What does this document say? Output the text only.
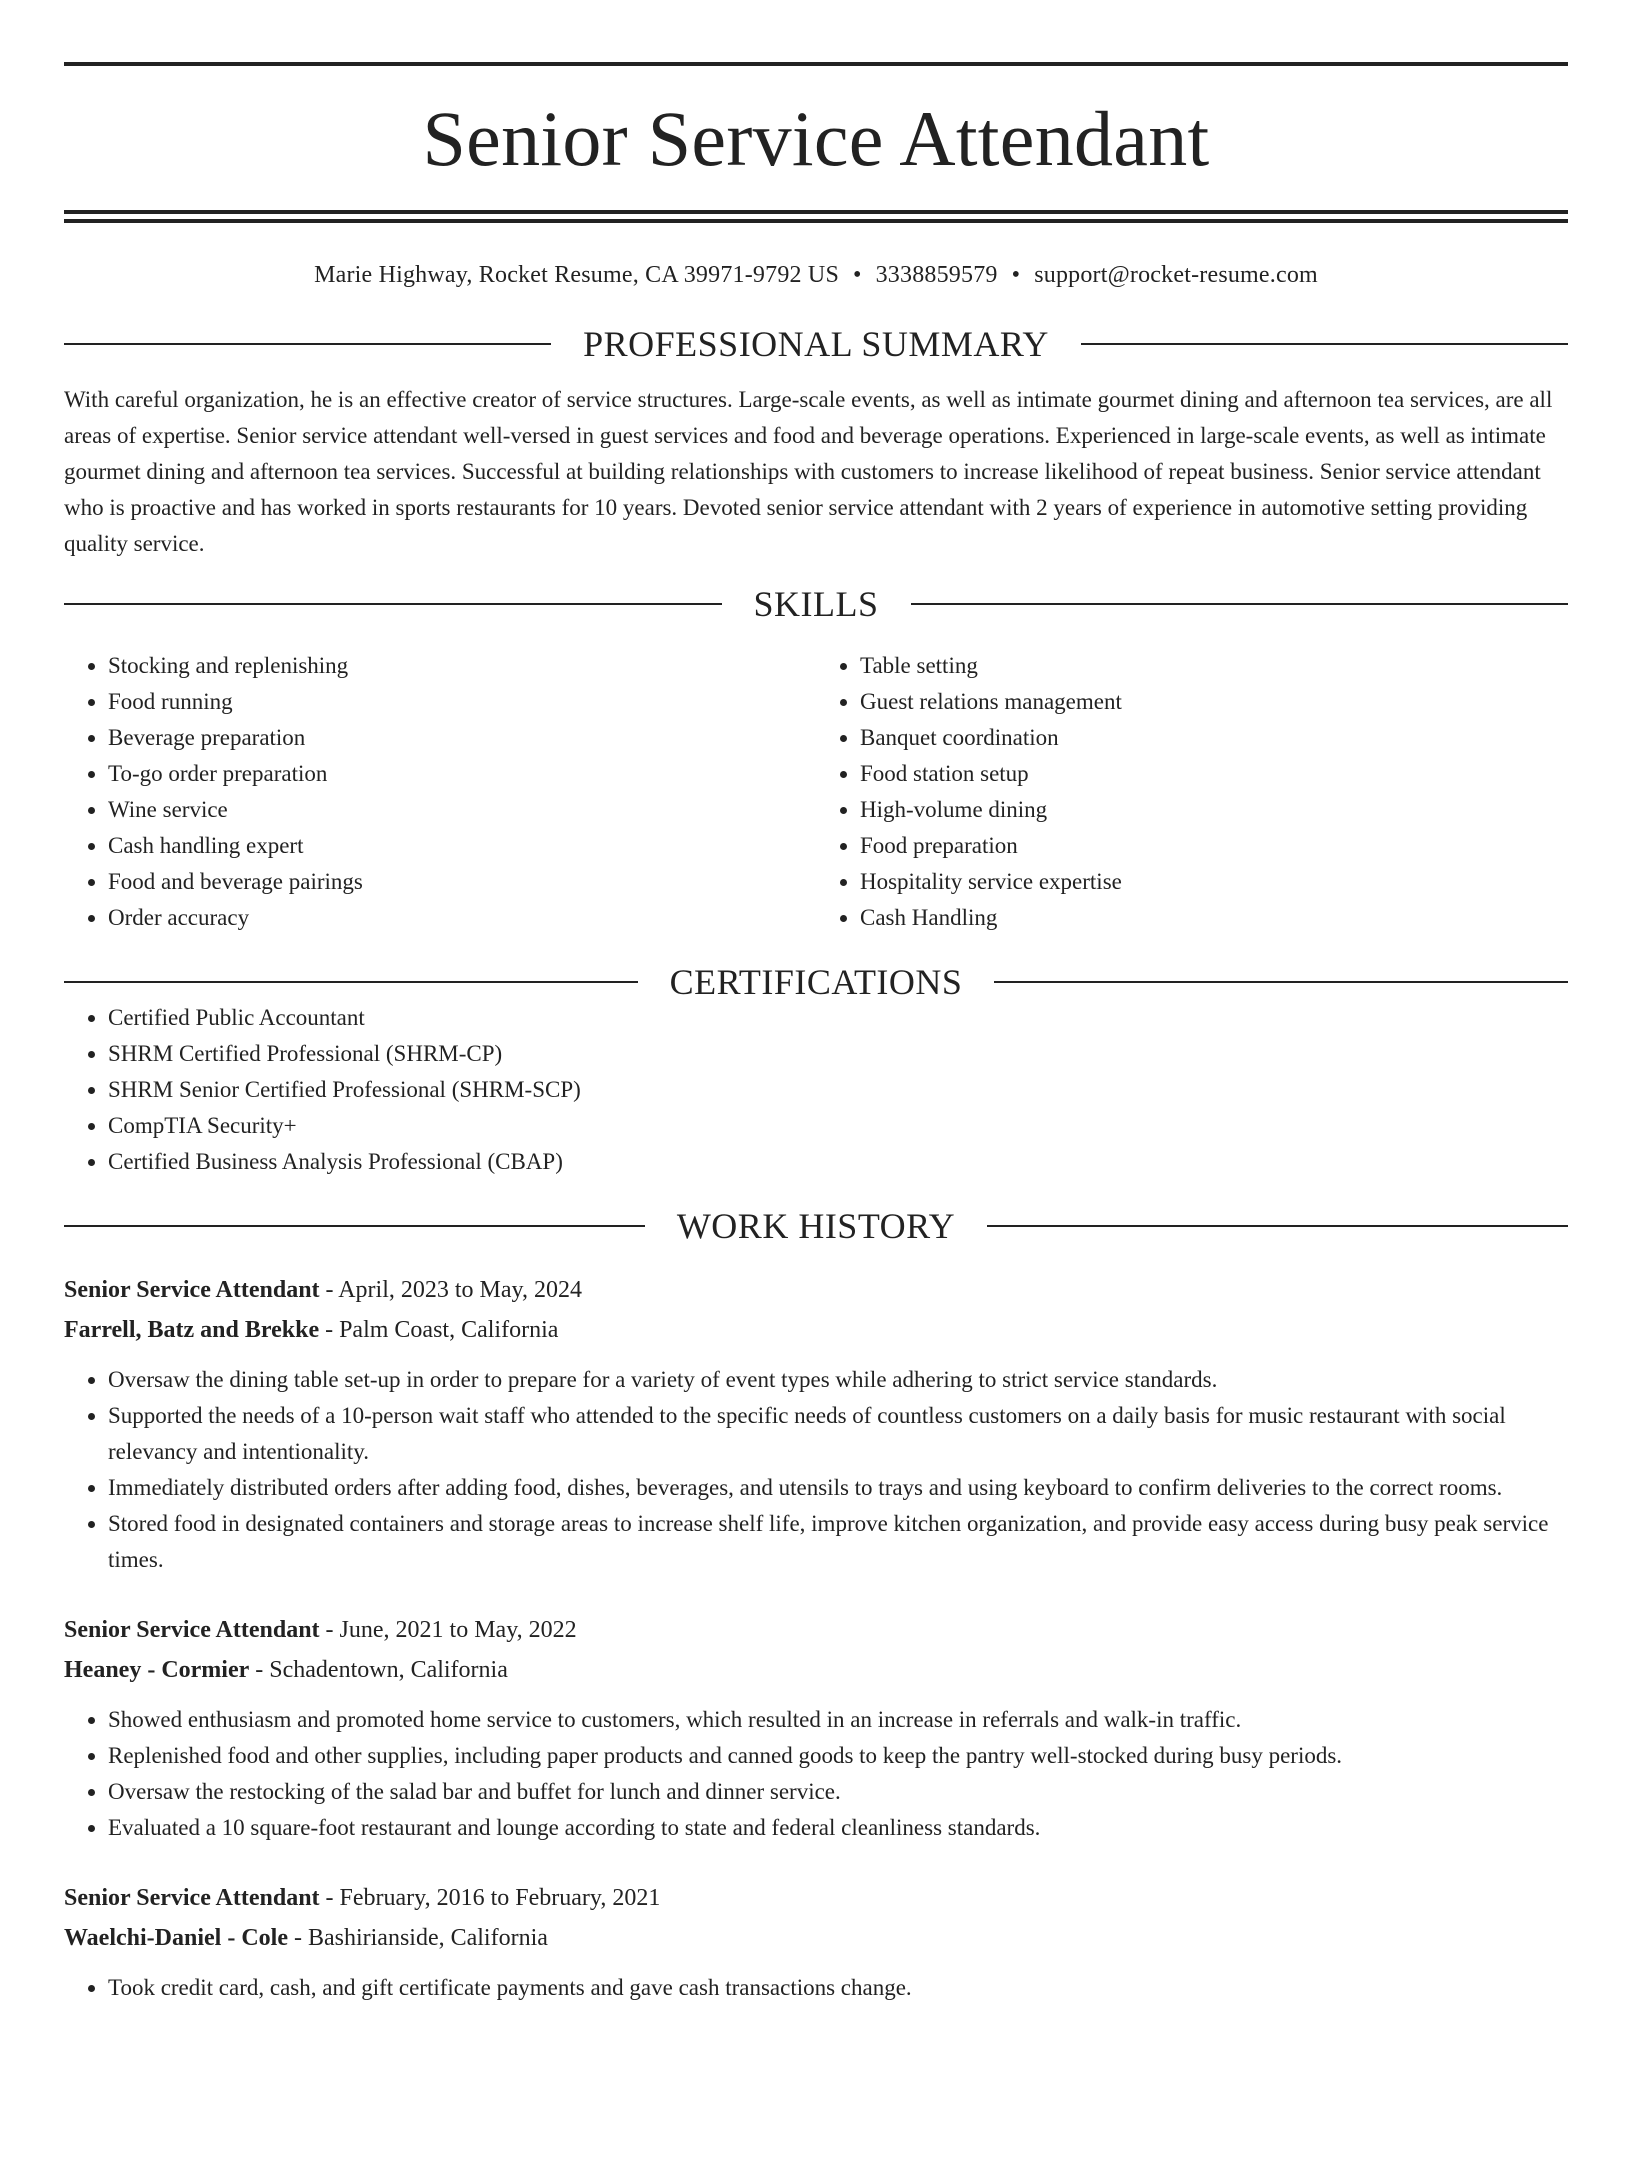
Senior Service Attendant
Marie Highway, Rocket Resume, CA 39971-9792 US • 3338859579 • support@rocket-resume.com
PROFESSIONAL SUMMARY

With careful organization, he is an effective creator of service structures. Large-scale events, as well as intimate gourmet dining and afternoon tea services, are all areas of expertise. Senior service attendant well-versed in guest services and food and beverage operations. Experienced in large-scale events, as well as intimate gourmet dining and afternoon tea services. Successful at building relationships with customers to increase likelihood of repeat business. Senior service attendant who is proactive and has worked in sports restaurants for 10 years. Devoted senior service attendant with 2 years of experience in automotive setting providing quality service.

SKILLS
• Stocking and replenishing
• Food running
• Beverage preparation
• To-go order preparation
• Wine service
• Cash handling expert
• Food and beverage pairings
• Order accuracy
• Table setting
• Guest relations management
• Banquet coordination
• Food station setup
• High-volume dining
• Food preparation
• Hospitality service expertise
• Cash Handling
CERTIFICATIONS
• Certified Public Accountant
• SHRM Certified Professional (SHRM-CP)
• SHRM Senior Certified Professional (SHRM-SCP)
• CompTIA Security+
• Certified Business Analysis Professional (CBAP)
WORK HISTORY
Senior Service Attendant - April, 2023 to May, 2024
Farrell, Batz and Brekke - Palm Coast, California
• Oversaw the dining table set-up in order to prepare for a variety of event types while adhering to strict service standards.
• Supported the needs of a 10-person wait staff who attended to the specific needs of countless customers on a daily basis for music restaurant with social relevancy and intentionality.
• Immediately distributed orders after adding food, dishes, beverages, and utensils to trays and using keyboard to confirm deliveries to the correct rooms.
• Stored food in designated containers and storage areas to increase shelf life, improve kitchen organization, and provide easy access during busy peak service times.
Senior Service Attendant - June, 2021 to May, 2022
Heaney - Cormier - Schadentown, California
• Showed enthusiasm and promoted home service to customers, which resulted in an increase in referrals and walk-in traffic.
• Replenished food and other supplies, including paper products and canned goods to keep the pantry well-stocked during busy periods.
• Oversaw the restocking of the salad bar and buffet for lunch and dinner service.
• Evaluated a 10 square-foot restaurant and lounge according to state and federal cleanliness standards.
Senior Service Attendant - February, 2016 to February, 2021
Waelchi-Daniel - Cole - Bashirianside, California
• Took credit card, cash, and gift certificate payments and gave cash transactions change.
